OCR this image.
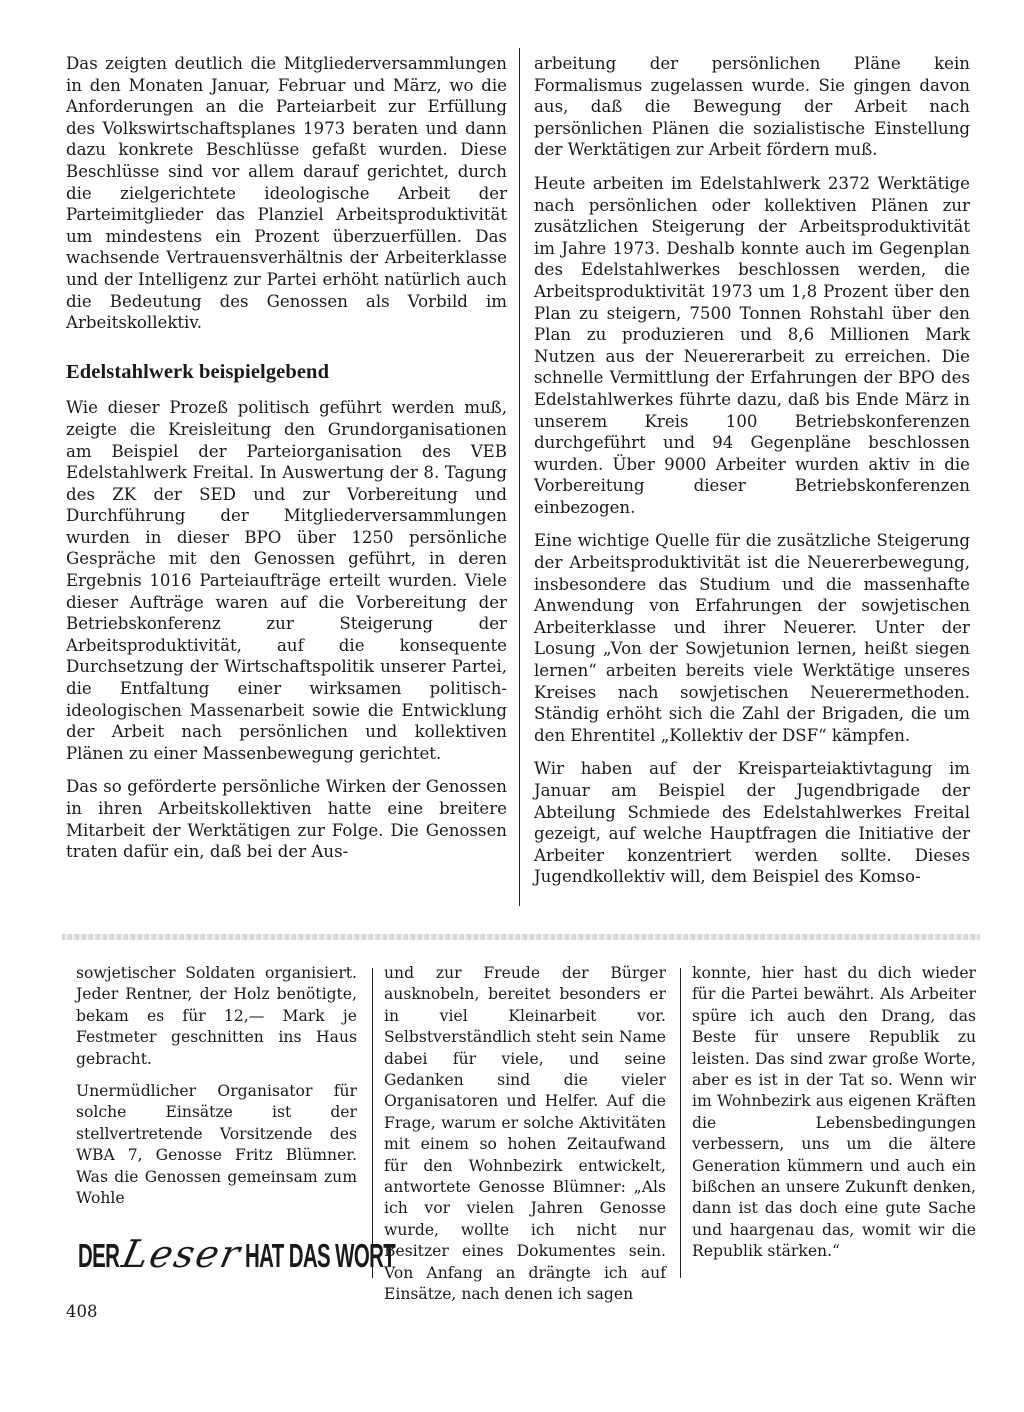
Das zeigten deutlich die Mitgliederversammlungen in den Monaten Januar, Februar und März, wo die Anforderungen an die Parteiarbeit zur Erfüllung des Volkswirtschaftsplanes 1973 beraten und dann dazu konkrete Beschlüsse gefaßt wurden. Diese Beschlüsse sind vor allem darauf gerichtet, durch die zielgerichtete ideologische Arbeit der Parteimitglieder das Planziel Arbeitsproduktivität um mindestens ein Prozent überzuerfüllen. Das wachsende Vertrauensverhältnis der Arbeiterklasse und der Intelligenz zur Partei erhöht natürlich auch die Bedeutung des Genossen als Vorbild im Arbeitskollektiv.

Edelstahlwerk beispielgebend

Wie dieser Prozeß politisch geführt werden muß, zeigte die Kreisleitung den Grundorganisationen am Beispiel der Parteiorganisation des VEB Edelstahlwerk Freital. In Auswertung der 8. Tagung des ZK der SED und zur Vorbereitung und Durchführung der Mitgliederversammlungen wurden in dieser BPO über 1250 persönliche Gespräche mit den Genossen geführt, in deren Ergebnis 1016 Parteiaufträge erteilt wurden. Viele dieser Aufträge waren auf die Vorbereitung der Betriebskonferenz zur Steigerung der Arbeitsproduktivität, auf die konsequente Durchsetzung der Wirtschaftspolitik unserer Partei, die Entfaltung einer wirksamen politisch-ideologischen Massenarbeit sowie die Entwicklung der Arbeit nach persönlichen und kollektiven Plänen zu einer Massenbewegung gerichtet.

Das so geförderte persönliche Wirken der Genossen in ihren Arbeitskollektiven hatte eine breitere Mitarbeit der Werktätigen zur Folge. Die Genossen traten dafür ein, daß bei der Aus-

arbeitung der persönlichen Pläne kein Formalismus zugelassen wurde. Sie gingen davon aus, daß die Bewegung der Arbeit nach persönlichen Plänen die sozialistische Einstellung der Werktätigen zur Arbeit fördern muß.

Heute arbeiten im Edelstahlwerk 2372 Werktätige nach persönlichen oder kollektiven Plänen zur zusätzlichen Steigerung der Arbeitsproduktivität im Jahre 1973. Deshalb konnte auch im Gegenplan des Edelstahlwerkes beschlossen werden, die Arbeitsproduktivität 1973 um 1,8 Prozent über den Plan zu steigern, 7500 Tonnen Rohstahl über den Plan zu produzieren und 8,6 Millionen Mark Nutzen aus der Neuererarbeit zu erreichen. Die schnelle Vermittlung der Erfahrungen der BPO des Edelstahlwerkes führte dazu, daß bis Ende März in unserem Kreis 100 Betriebskonferenzen durchgeführt und 94 Gegenpläne beschlossen wurden. Über 9000 Arbeiter wurden aktiv in die Vorbereitung dieser Betriebskonferenzen einbezogen.

Eine wichtige Quelle für die zusätzliche Steigerung der Arbeitsproduktivität ist die Neuererbewegung, insbesondere das Studium und die massenhafte Anwendung von Erfahrungen der sowjetischen Arbeiterklasse und ihrer Neuerer. Unter der Losung „Von der Sowjetunion lernen, heißt siegen lernen“ arbeiten bereits viele Werktätige unseres Kreises nach sowjetischen Neuerermethoden. Ständig erhöht sich die Zahl der Brigaden, die um den Ehrentitel „Kollektiv der DSF“ kämpfen.

Wir haben auf der Kreisparteiaktivtagung im Januar am Beispiel der Jugendbrigade der Abteilung Schmiede des Edelstahlwerkes Freital gezeigt, auf welche Hauptfragen die Initiative der Arbeiter konzentriert werden sollte. Dieses Jugendkollektiv will, dem Beispiel des Komso-

sowjetischer Soldaten organisiert. Jeder Rentner, der Holz benötigte, bekam es für 12,— Mark je Festmeter geschnitten ins Haus gebracht.

Unermüdlicher Organisator für solche Einsätze ist der stellvertretende Vorsitzende des WBA 7, Genosse Fritz Blümner. Was die Genossen gemeinsam zum Wohle

und zur Freude der Bürger ausknobeln, bereitet besonders er in viel Kleinarbeit vor. Selbstverständlich steht sein Name dabei für viele, und seine Gedanken sind die vieler Organisatoren und Helfer. Auf die Frage, warum er solche Aktivitäten mit einem so hohen Zeitaufwand für den Wohnbezirk entwickelt, antwortete Genosse Blümner: „Als ich vor vielen Jahren Genosse wurde, wollte ich nicht nur Besitzer eines Dokumentes sein. Von Anfang an drängte ich auf Einsätze, nach denen ich sagen

konnte, hier hast du dich wieder für die Partei bewährt. Als Arbeiter spüre ich auch den Drang, das Beste für unsere Republik zu leisten. Das sind zwar große Worte, aber es ist in der Tat so. Wenn wir im Wohnbezirk aus eigenen Kräften die Lebensbedingungen verbessern, uns um die ältere Generation kümmern und auch ein bißchen an unsere Zukunft denken, dann ist das doch eine gute Sache und haargenau das, womit wir die Republik stärken.“

DER
Leser HAT DAS WORT
408
